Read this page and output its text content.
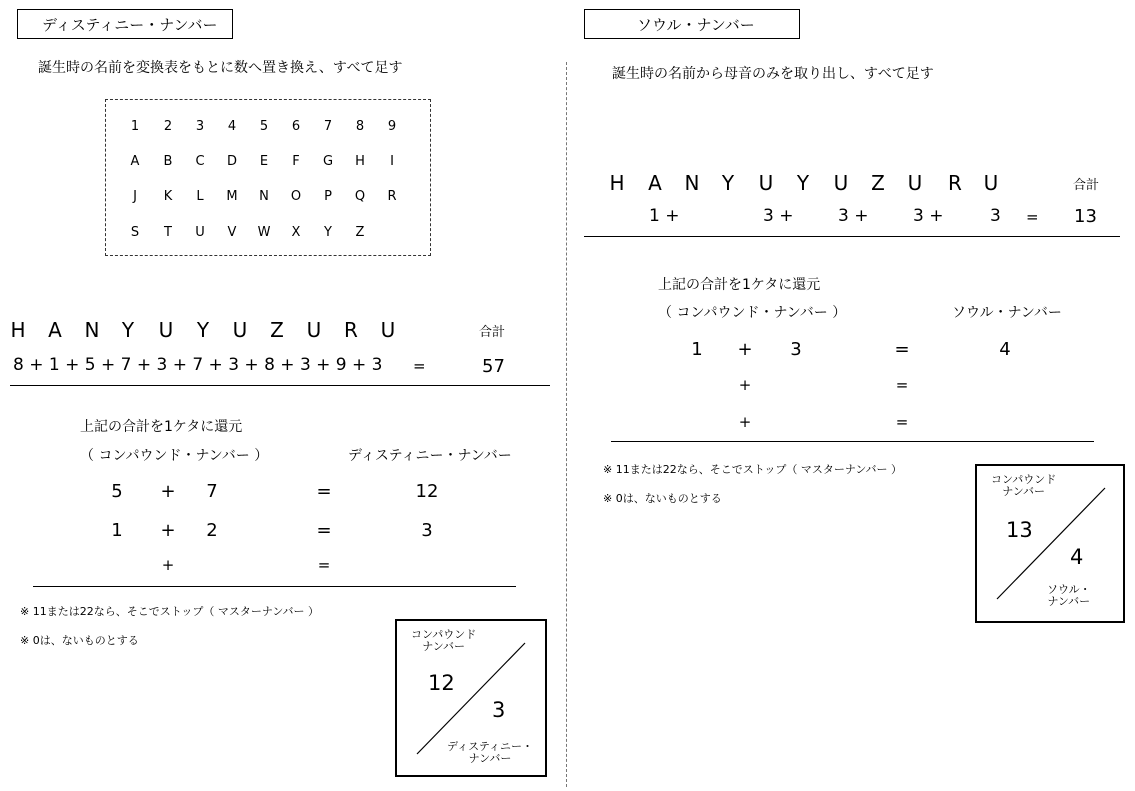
ディスティニー・ナンバー
誕生時の名前を変換表をもとに数へ置き換え、すべて足す
1	2	3	4	5	6	7	8	9
A	B	C	D	E	F	G	H	I
J	K	L	M	N	O	P	Q	R
S	T	U	V	W	X	Y	Z
H	A	N	Y	U	Y	U	Z	U	R	U	合計
8 + 1 + 5 + 7 + 3 + 7 + 3 + 8 + 3 + 9 + 3 =	57
上記の合計を1ケタに還元
（ コンパウンド・ナンバー ）	ディスティニー・ナンバー
5	+	7	=	12
1	+	2	=	3
+	=
※ 11または22なら、そこでストップ（ マスターナンバー ）
※ 0は、ないものとする	コンパウンド
ナンバー
12
3
ディスティニー・
ナンバー
ソウル・ナンバー
誕生時の名前から母音のみを取り出し、すべて足す
H	A	N	Y	U	Y	U	Z	U	R	U	合計
1 +	3 +	3 +	3 +	3 = 13
上記の合計を1ケタに還元
（ コンパウンド・ナンバー ）	ソウル・ナンバー
1	+	3	=	4
+	=
+	=
※ 11または22なら、そこでストップ（ マスターナンバー ）
※ 0は、ないものとする
コンパウンド
ナンバー
13
4
ソウル・
ナンバー
